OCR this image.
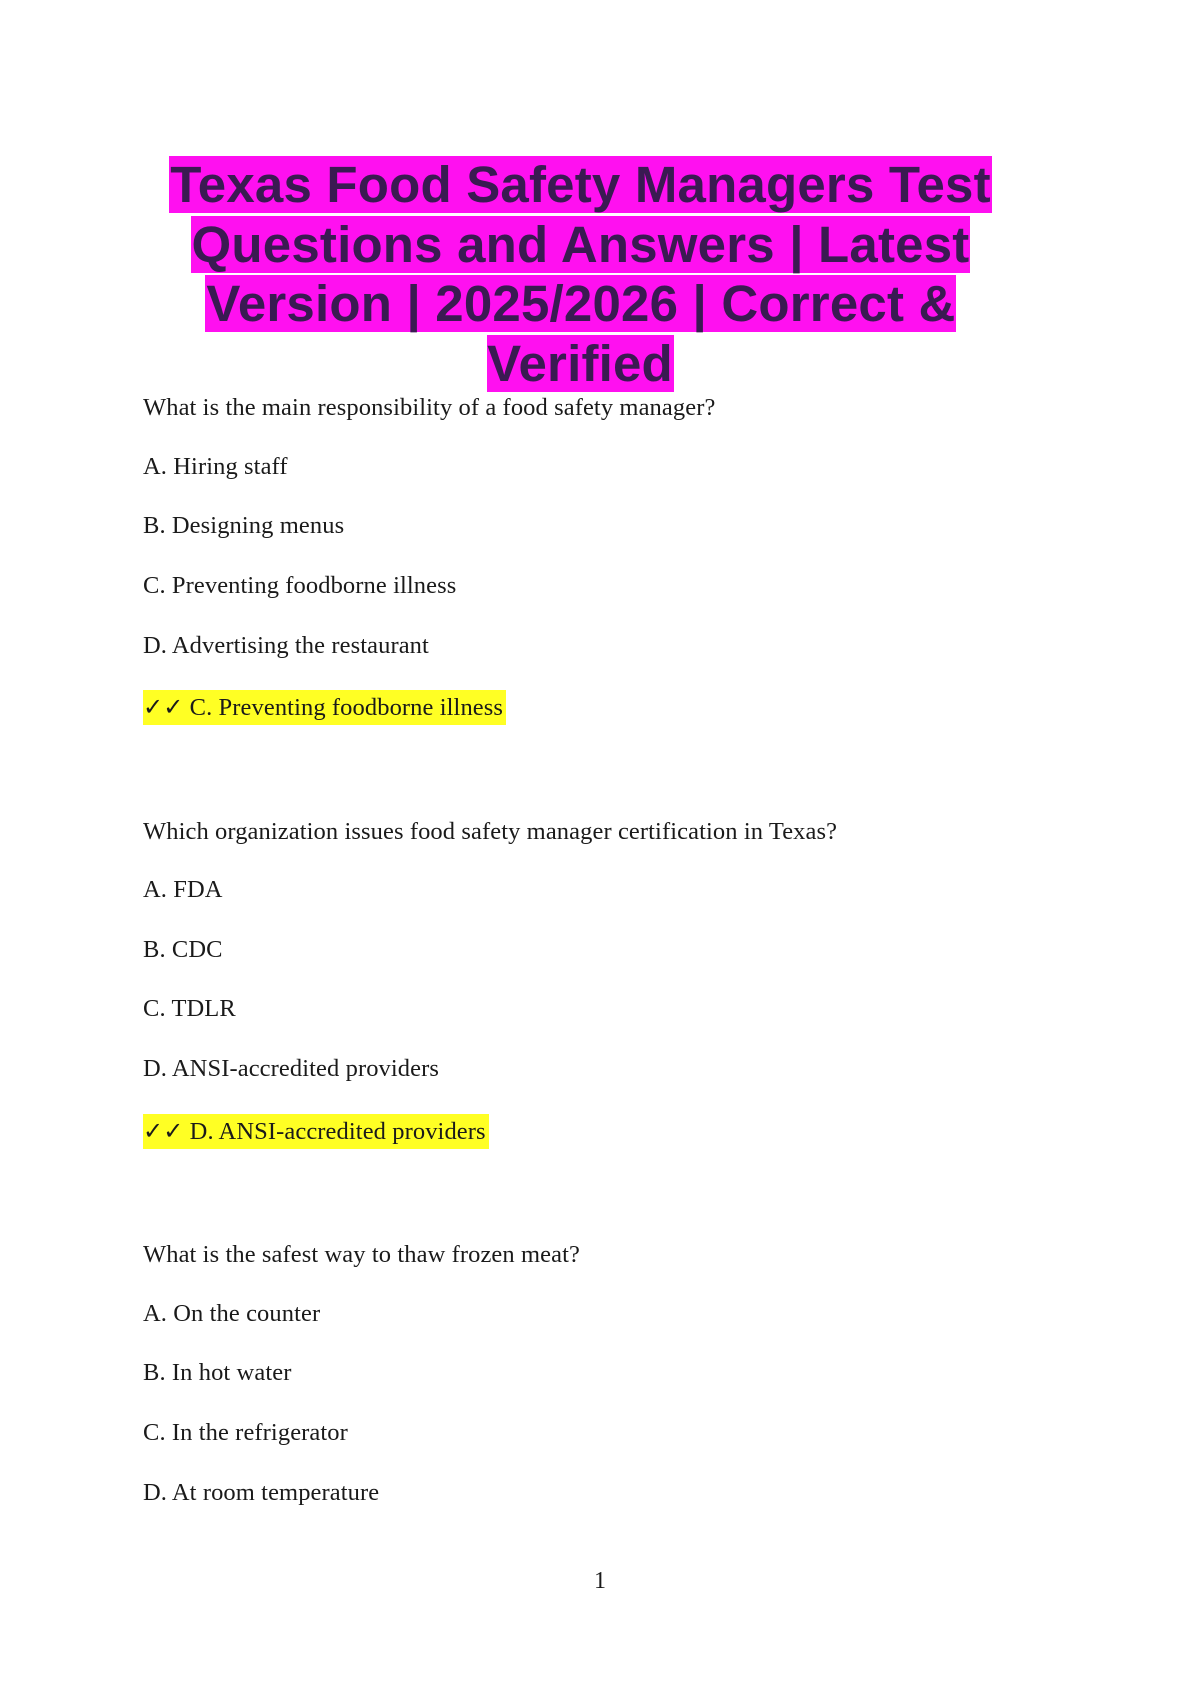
Texas Food Safety Managers Test
Questions and Answers | Latest
Version | 2025/2026 | Correct & Verified
What is the main responsibility of a food safety manager?
A. Hiring staff
B. Designing menus
C. Preventing foodborne illness
D. Advertising the restaurant
✓✓ C. Preventing foodborne illness
Which organization issues food safety manager certification in Texas?
A. FDA
B. CDC
C. TDLR
D. ANSI-accredited providers
✓✓ D. ANSI-accredited providers
What is the safest way to thaw frozen meat?
A. On the counter
B. In hot water
C. In the refrigerator
D. At room temperature
1
